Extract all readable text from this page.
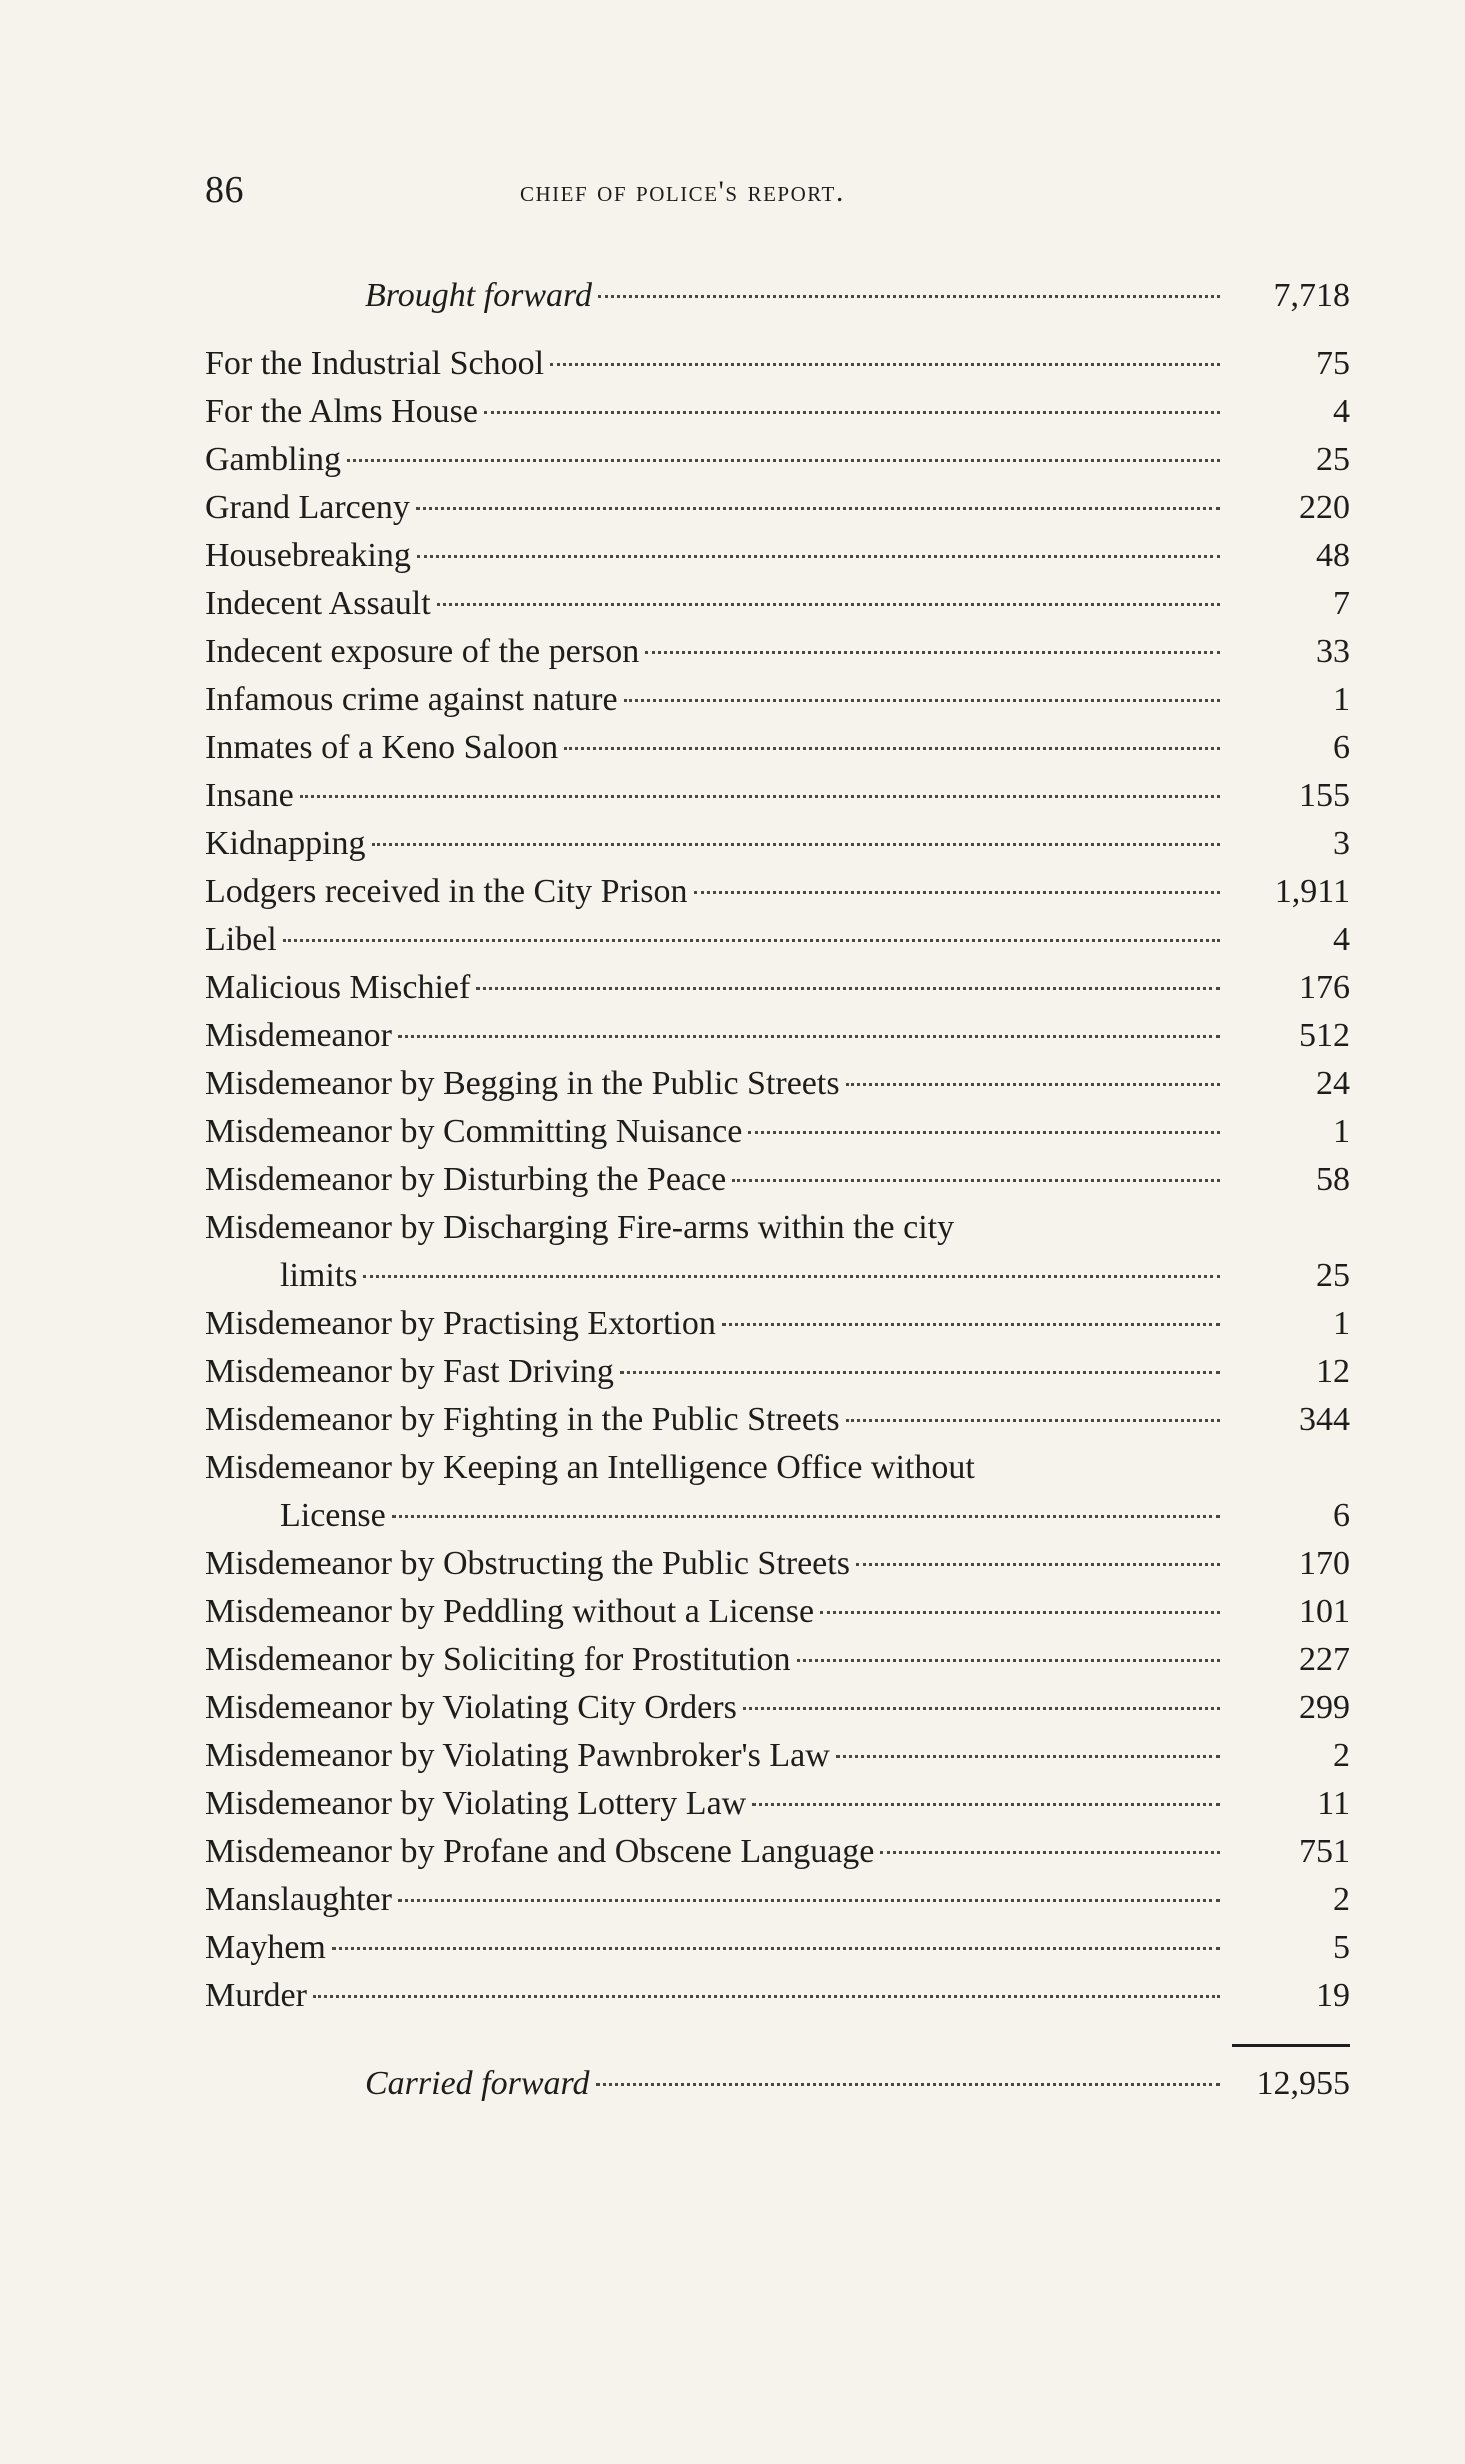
86	chief of police's report.
Brought forward	7,718
For the Industrial School	75
For the Alms House	4
Gambling	25
Grand Larceny	220
Housebreaking	48
Indecent Assault	7
Indecent exposure of the person	33
Infamous crime against nature	1
Inmates of a Keno Saloon	6
Insane	155
Kidnapping	3
Lodgers received in the City Prison	1,911
Libel	4
Malicious Mischief	176
Misdemeanor	512
Misdemeanor by Begging in the Public Streets	24
Misdemeanor by Committing Nuisance	1
Misdemeanor by Disturbing the Peace	58
Misdemeanor by Discharging Fire-arms within the city
limits	25
Misdemeanor by Practising Extortion	1
Misdemeanor by Fast Driving	12
Misdemeanor by Fighting in the Public Streets	344
Misdemeanor by Keeping an Intelligence Office without
License	6
Misdemeanor by Obstructing the Public Streets	170
Misdemeanor by Peddling without a License	101
Misdemeanor by Soliciting for Prostitution	227
Misdemeanor by Violating City Orders	299
Misdemeanor by Violating Pawnbroker's Law	2
Misdemeanor by Violating Lottery Law	11
Misdemeanor by Profane and Obscene Language	751
Manslaughter	2
Mayhem	5
Murder	19
Carried forward	12,955
